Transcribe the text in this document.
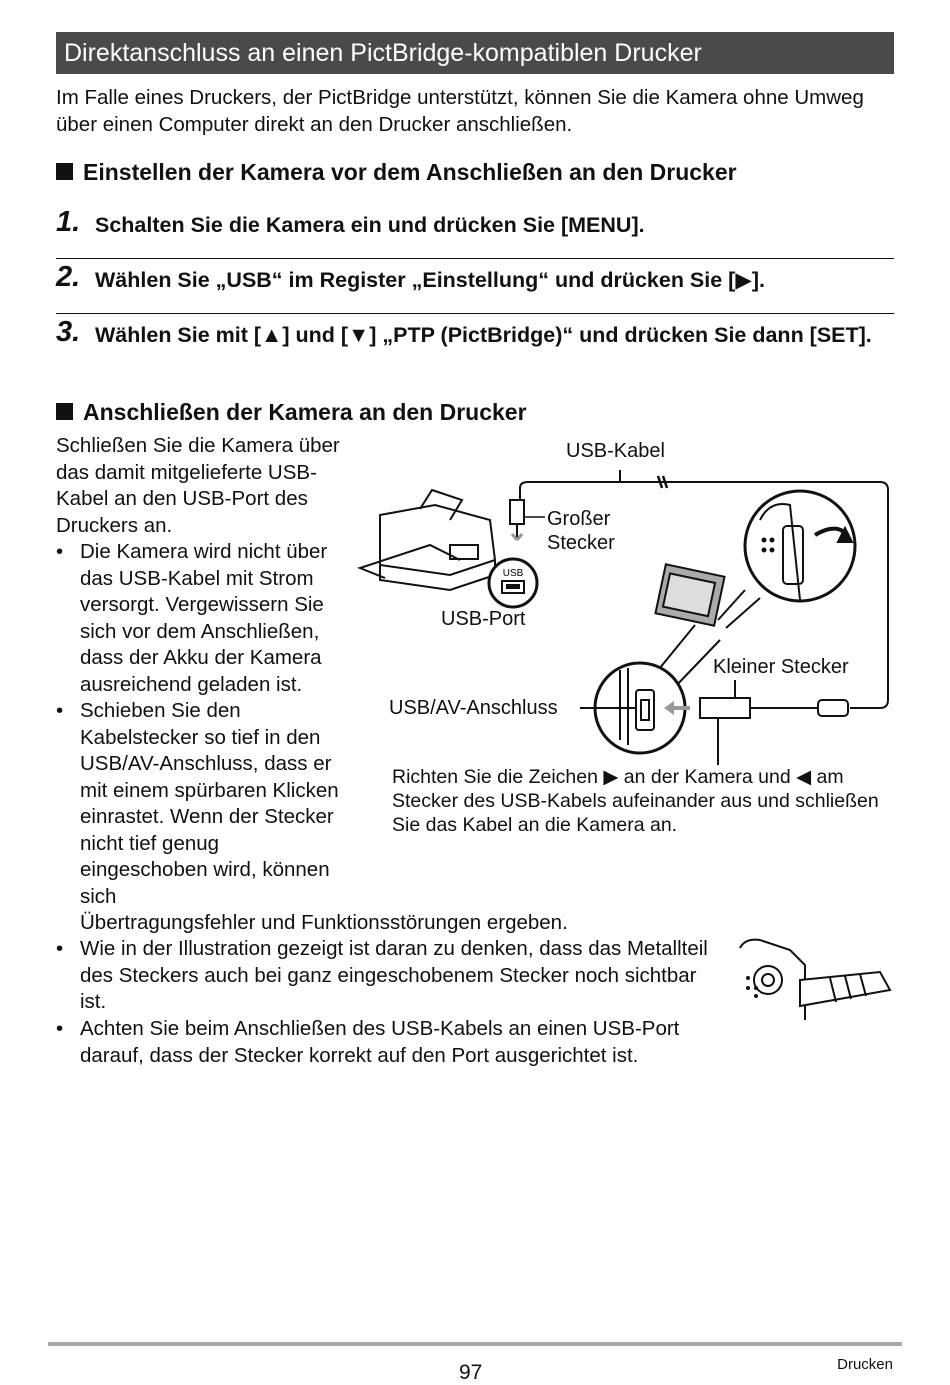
Direktanschluss an einen PictBridge-kompatiblen Drucker
Im Falle eines Druckers, der PictBridge unterstützt, können Sie die Kamera ohne Umweg über einen Computer direkt an den Drucker anschließen.
Einstellen der Kamera vor dem Anschließen an den Drucker
1. Schalten Sie die Kamera ein und drücken Sie [MENU].
2. Wählen Sie „USB“ im Register „Einstellung“ und drücken Sie [▶].
3. Wählen Sie mit [▲] und [▼] „PTP (PictBridge)“ und drücken Sie dann [SET].
Anschließen der Kamera an den Drucker
Schließen Sie die Kamera über das damit mitgelieferte USB-Kabel an den USB-Port des Druckers an.
• Die Kamera wird nicht über das USB-Kabel mit Strom versorgt. Vergewissern Sie sich vor dem Anschließen, dass der Akku der Kamera ausreichend geladen ist.
• Schieben Sie den Kabelstecker so tief in den USB/AV-Anschluss, dass er mit einem spürbaren Klicken einrastet. Wenn der Stecker nicht tief genug eingeschoben wird, können sich
Übertragungsfehler und Funktionsstörungen ergeben.
• Wie in der Illustration gezeigt ist daran zu denken, dass das Metallteil des Steckers auch bei ganz eingeschobenem Stecker noch sichtbar ist.
• Achten Sie beim Anschließen des USB-Kabels an einen USB-Port darauf, dass der Stecker korrekt auf den Port ausgerichtet ist.
USB
USB-Kabel
Großer Stecker
USB-Port
Kleiner Stecker
USB/AV-Anschluss
Richten Sie die Zeichen ▶ an der Kamera und ◀ am Stecker des USB-Kabels aufeinander aus und schließen Sie das Kabel an die Kamera an.
97	Drucken
